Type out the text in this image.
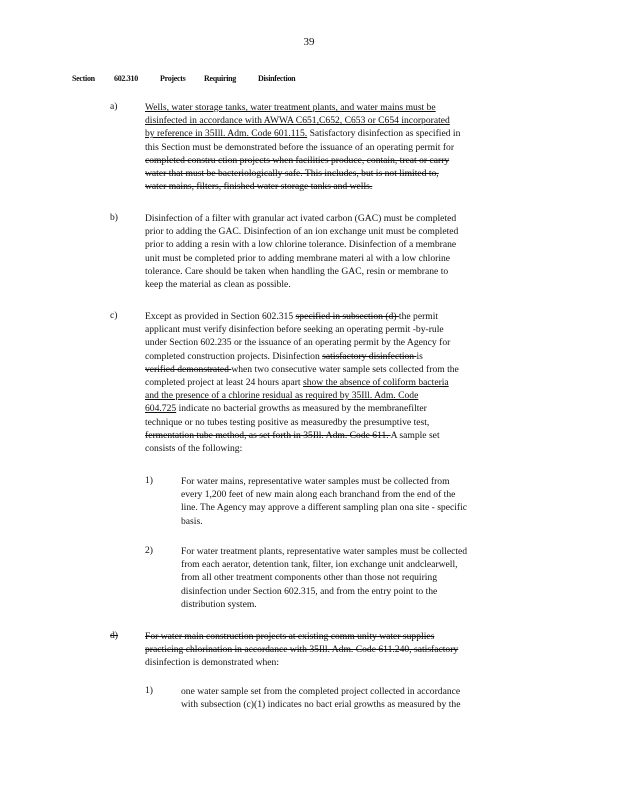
39
Section 602.310	Projects Requiring	Disinfection
a)	Wells, water storage tanks, water treatment plants, and water mains must be
disinfected in accordance with AWWA C651,C652, C653 or C654 incorporated
by reference in 35Ill. Adm. Code 601.115. Satisfactory disinfection as specified in
this Section must be demonstrated before the issuance of an operating permit for
completed constru ction projects when facilities produce, contain, treat or carry
water that must be bacteriologically safe. This includes, but is not limited to,
water mains, filters, finished water storage tanks and wells.
b)	Disinfection of a filter with granular act ivated carbon (GAC) must be completed
prior to adding the GAC. Disinfection of an ion exchange unit must be completed
prior to adding a resin with a low chlorine tolerance. Disinfection of a membrane
unit must be completed prior to adding membrane materi al with a low chlorine
tolerance. Care should be taken when handling the GAC, resin or membrane to
keep the material as clean as possible.
c)	Except as provided in Section 602.315 specified in subsection (d) the permit
applicant must verify disinfection before seeking an operating permit -by-rule
under Section 602.235 or the issuance of an operating permit by the Agency for
completed construction projects. Disinfection satisfactory disinfection is
verified demonstrated when two consecutive water sample sets collected from the
completed project at least 24 hours apart show the absence of coliform bacteria
and the presence of a chlorine residual as required by 35Ill. Adm. Code
604.725 indicate no bacterial growths as measured by the membranefilter
technique or no tubes testing positive as measuredby the presumptive test,
fermentation tube method, as set forth in 35Ill. Adm. Code 611. A sample set
consists of the following:
1)	For water mains, representative water samples must be collected from
every 1,200 feet of new main along each branchand from the end of the
line. The Agency may approve a different sampling plan ona site - specific
basis.
2)	For water treatment plants, representative water samples must be collected
from each aerator, detention tank, filter, ion exchange unit andclearwell,
from all other treatment components other than those not requiring
disinfection under Section 602.315, and from the entry point to the
distribution system.
d)	For water main construction projects at existing comm unity water supplies
practicing chlorination in accordance with 35Ill. Adm. Code 611.240, satisfactory
disinfection is demonstrated when:
1)	one water sample set from the completed project collected in accordance
with subsection (c)(1) indicates no bact erial growths as measured by the
